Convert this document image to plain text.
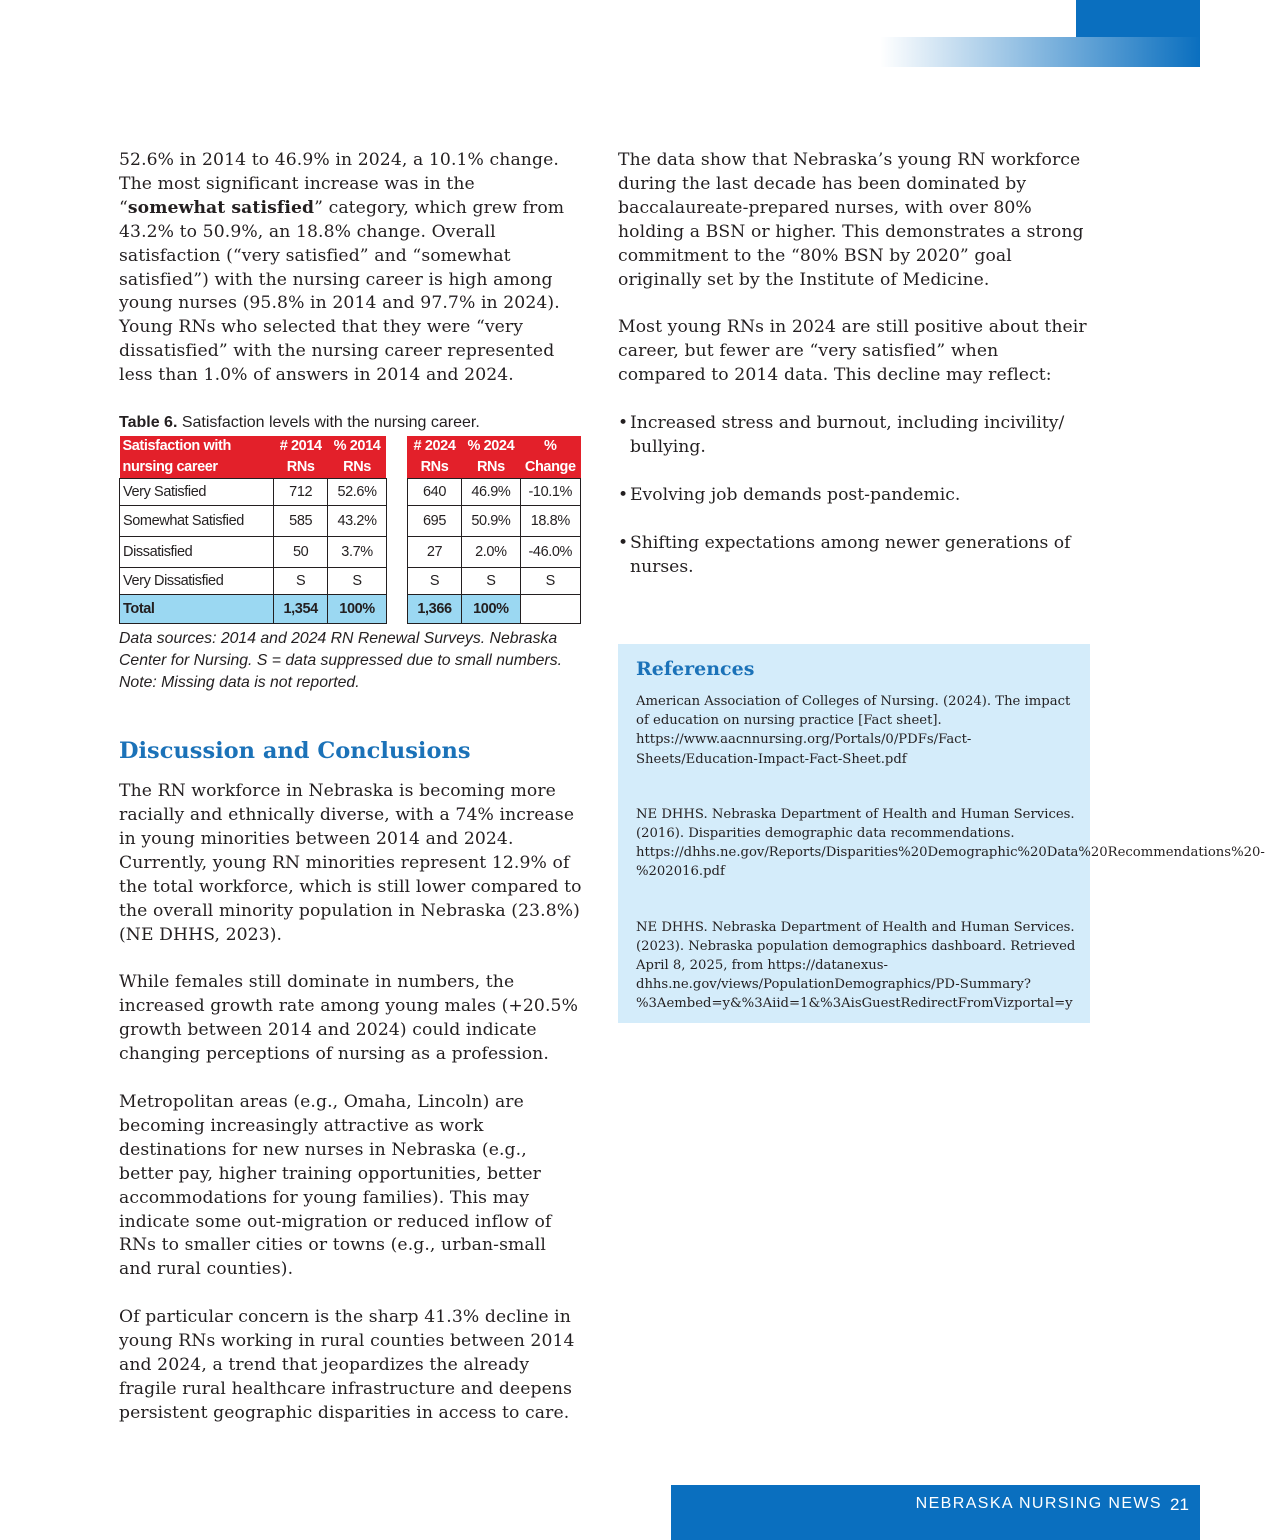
52.6% in 2014 to 46.9% in 2024, a 10.1% change.

The most significant increase was in the “somewhat satisfied” category, which grew from 43.2% to 50.9%, an 18.8% change. Overall satisfaction (“very satisfied” and “somewhat satisfied”) with the nursing career is high among young nurses (95.8% in 2014 and 97.7% in 2024). Young RNs who selected that they were “very dissatisfied” with the nursing career represented less than 1.0% of answers in 2014 and 2024.

Table 6. Satisfaction levels with the nursing career.
Satisfaction with nursing career	# 2014 RNs	% 2014 RNs		# 2024 RNs	% 2024 RNs	% Change
Very Satisfied	712	52.6%		640	46.9%	-10.1%
Somewhat Satisfied	585	43.2%		695	50.9%	18.8%
Dissatisfied	50	3.7%		27	2.0%	-46.0%
Very Dissatisfied	S	S		S	S	S
Total	1,354	100%		1,366	100%	
Data sources: 2014 and 2024 RN Renewal Surveys. Nebraska Center for Nursing. S = data suppressed due to small numbers. Note: Missing data is not reported.
Discussion and Conclusions

The RN workforce in Nebraska is becoming more racially and ethnically diverse, with a 74% increase in young minorities between 2014 and 2024. Currently, young RN minorities represent 12.9% of the total workforce, which is still lower compared to the overall minority population in Nebraska (23.8%) (NE DHHS, 2023).

While females still dominate in numbers, the increased growth rate among young males (+20.5% growth between 2014 and 2024) could indicate changing perceptions of nursing as a profession.

Metropolitan areas (e.g., Omaha, Lincoln) are becoming increasingly attractive as work destinations for new nurses in Nebraska (e.g., better pay, higher training opportunities, better accommodations for young families). This may indicate some out-migration or reduced inflow of RNs to smaller cities or towns (e.g., urban-small and rural counties).

Of particular concern is the sharp 41.3% decline in young RNs working in rural counties between 2014 and 2024, a trend that jeopardizes the already fragile rural healthcare infrastructure and deepens persistent geographic disparities in access to care.

The data show that Nebraska’s young RN workforce during the last decade has been dominated by baccalaureate-prepared nurses, with over 80% holding a BSN or higher. This demonstrates a strong commitment to the “80% BSN by 2020” goal originally set by the Institute of Medicine.

Most young RNs in 2024 are still positive about their career, but fewer are “very satisfied” when compared to 2014 data. This decline may reflect:

• Increased stress and burnout, including incivility/ bullying.
• Evolving job demands post-pandemic.
• Shifting expectations among newer generations of nurses.
References

American Association of Colleges of Nursing. (2024). The impact of education on nursing practice [Fact sheet]. https://www.aacnnursing.org/Portals/0/PDFs/Fact-Sheets/Education-Impact-Fact-Sheet.pdf

NE DHHS. Nebraska Department of Health and Human Services. (2016). Disparities demographic data recommendations. https://dhhs.ne.gov/Reports/Disparities%20Demographic%20Data%20Recommendations%20-%202016.pdf

NE DHHS. Nebraska Department of Health and Human Services. (2023). Nebraska population demographics dashboard. Retrieved April 8, 2025, from https://datanexus-dhhs.ne.gov/views/PopulationDemographics/PD-Summary?%3Aembed=y&%3Aiid=1&%3AisGuestRedirectFromVizportal=y

NEBRASKA NURSING NEWS 21
